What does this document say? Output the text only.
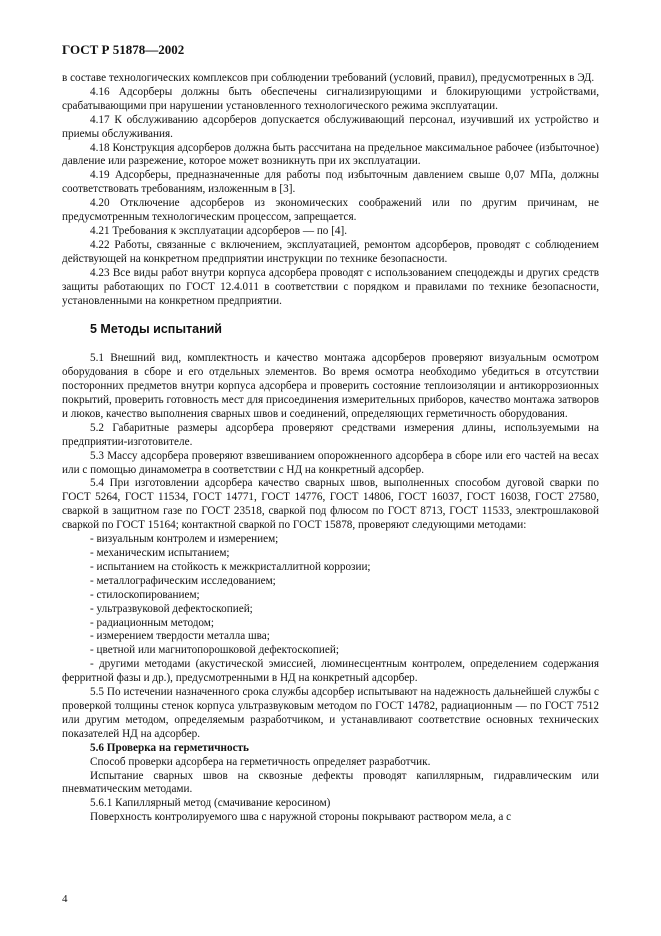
ГОСТ Р 51878—2002

в составе технологических комплексов при соблюдении требований (условий, правил), предусмотренных в ЭД.

4.16 Адсорберы должны быть обеспечены сигнализирующими и блокирующими устройствами, срабатывающими при нарушении установленного технологического режима эксплуатации.

4.17 К обслуживанию адсорберов допускается обслуживающий персонал, изучивший их устройство и приемы обслуживания.

4.18 Конструкция адсорберов должна быть рассчитана на предельное максимальное рабочее (избыточное) давление или разрежение, которое может возникнуть при их эксплуатации.

4.19 Адсорберы, предназначенные для работы под избыточным давлением свыше 0,07 МПа, должны соответствовать требованиям, изложенным в [3].

4.20 Отключение адсорберов из экономических соображений или по другим причинам, не предусмотренным технологическим процессом, запрещается.

4.21 Требования к эксплуатации адсорберов — по [4].

4.22 Работы, связанные с включением, эксплуатацией, ремонтом адсорберов, проводят с соблюдением действующей на конкретном предприятии инструкции по технике безопасности.

4.23 Все виды работ внутри корпуса адсорбера проводят с использованием спецодежды и других средств защиты работающих по ГОСТ 12.4.011 в соответствии с порядком и правилами по технике безопасности, установленными на конкретном предприятии.

5 Методы испытаний

5.1 Внешний вид, комплектность и качество монтажа адсорберов проверяют визуальным осмотром оборудования в сборе и его отдельных элементов. Во время осмотра необходимо убедиться в отсутствии посторонних предметов внутри корпуса адсорбера и проверить состояние теплоизоляции и антикоррозионных покрытий, проверить готовность мест для присоединения измерительных приборов, качество монтажа затворов и люков, качество выполнения сварных швов и соединений, определяющих герметичность оборудования.

5.2 Габаритные размеры адсорбера проверяют средствами измерения длины, используемыми на предприятии-изготовителе.

5.3 Массу адсорбера проверяют взвешиванием опорожненного адсорбера в сборе или его частей на весах или с помощью динамометра в соответствии с НД на конкретный адсорбер.

5.4 При изготовлении адсорбера качество сварных швов, выполненных способом дуговой сварки по ГОСТ 5264, ГОСТ 11534, ГОСТ 14771, ГОСТ 14776, ГОСТ 14806, ГОСТ 16037, ГОСТ 16038, ГОСТ 27580, сваркой в защитном газе по ГОСТ 23518, сваркой под флюсом по ГОСТ 8713, ГОСТ 11533, электрошлаковой сваркой по ГОСТ 15164; контактной сваркой по ГОСТ 15878, проверяют следующими методами:

- визуальным контролем и измерением;

- механическим испытанием;

- испытанием на стойкость к межкристаллитной коррозии;

- металлографическим исследованием;

- стилоскопированием;

- ультразвуковой дефектоскопией;

- радиационным методом;

- измерением твердости металла шва;

- цветной или магнитопорошковой дефектоскопией;

- другими методами (акустической эмиссией, люминесцентным контролем, определением содержания ферритной фазы и др.), предусмотренными в НД на конкретный адсорбер.

5.5 По истечении назначенного срока службы адсорбер испытывают на надежность дальнейшей службы с проверкой толщины стенок корпуса ультразвуковым методом по ГОСТ 14782, радиационным — по ГОСТ 7512 или другим методом, определяемым разработчиком, и устанавливают соответствие основных технических показателей НД на адсорбер.

5.6 Проверка на герметичность

Способ проверки адсорбера на герметичность определяет разработчик.

Испытание сварных швов на сквозные дефекты проводят капиллярным, гидравлическим или пневматическим методами.

5.6.1 Капиллярный метод (смачивание керосином)

Поверхность контролируемого шва с наружной стороны покрывают раствором мела, а с

4
